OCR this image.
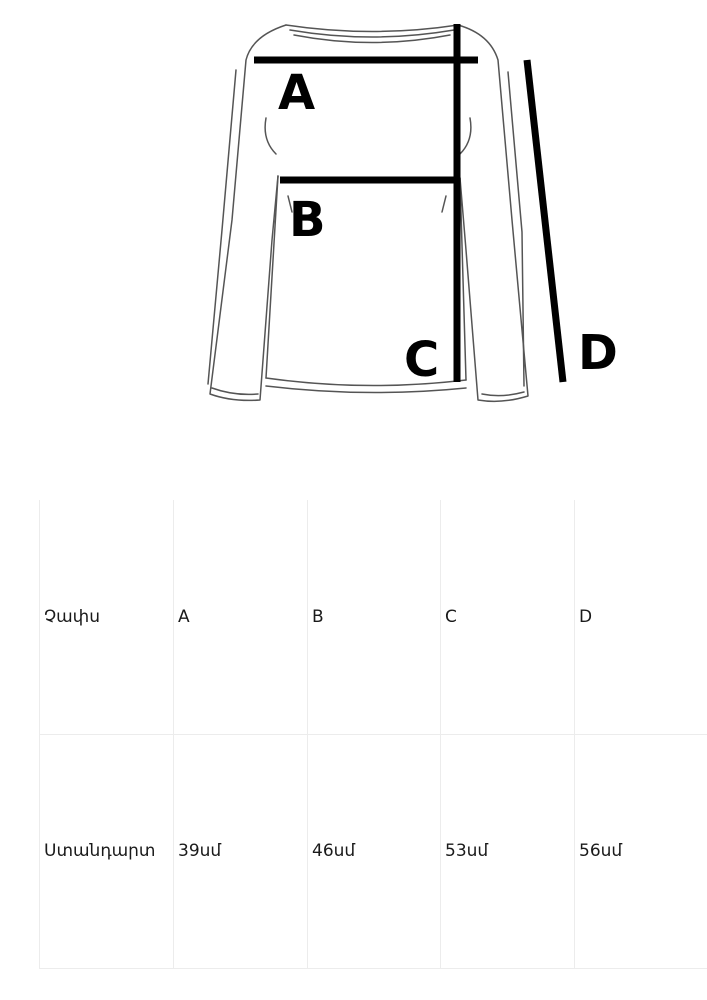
A
B
C	D
Չափս	A	B	C	D
Ստանդարտ	39սմ	46սմ	53սմ	56սմ
